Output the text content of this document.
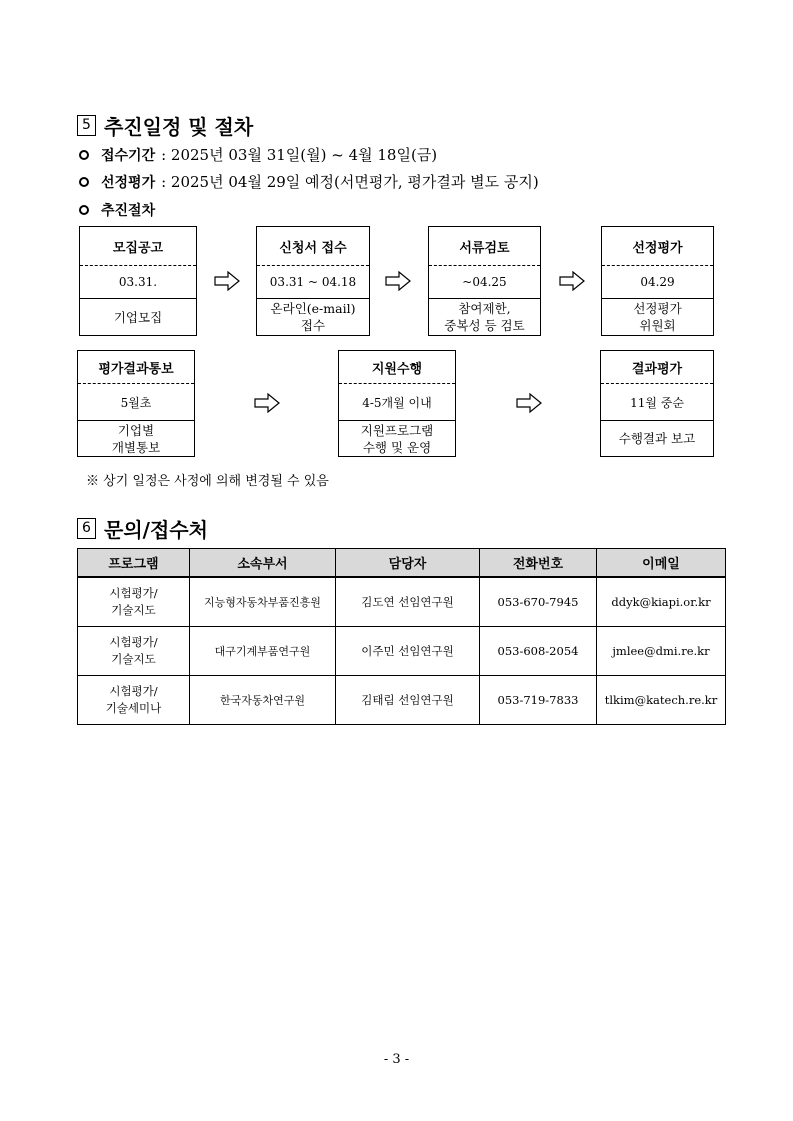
5 추진일정 및 절차
접수기간 : 2025년 03월 31일(월) ~ 4월 18일(금)
선정평가 : 2025년 04월 29일 예정(서면평가, 평가결과 별도 공지)
추진절차
모집공고
03.31.
기업모집
신청서 접수
03.31 ~ 04.18
온라인(e-mail)
접수
서류검토
~04.25
참여제한,
중복성 등 검토
선정평가
04.29
선정평가
위원회
평가결과통보
5월초
기업별
개별통보
지원수행
4-5개월 이내
지원프로그램
수행 및 운영
결과평가
11월 중순
수행결과 보고
※ 상기 일정은 사정에 의해 변경될 수 있음
6 문의/접수처
프로그램	소속부서	담당자	전화번호	이메일
시험평가/
기술지도	지능형자동차부품진흥원	김도연 선임연구원	053-670-7945	ddyk@kiapi.or.kr
시험평가/
기술지도	대구기계부품연구원	이주민 선임연구원	053-608-2054	jmlee@dmi.re.kr
시험평가/
기술세미나	한국자동차연구원	김태림 선임연구원	053-719-7833	tlkim@katech.re.kr
- 3 -
